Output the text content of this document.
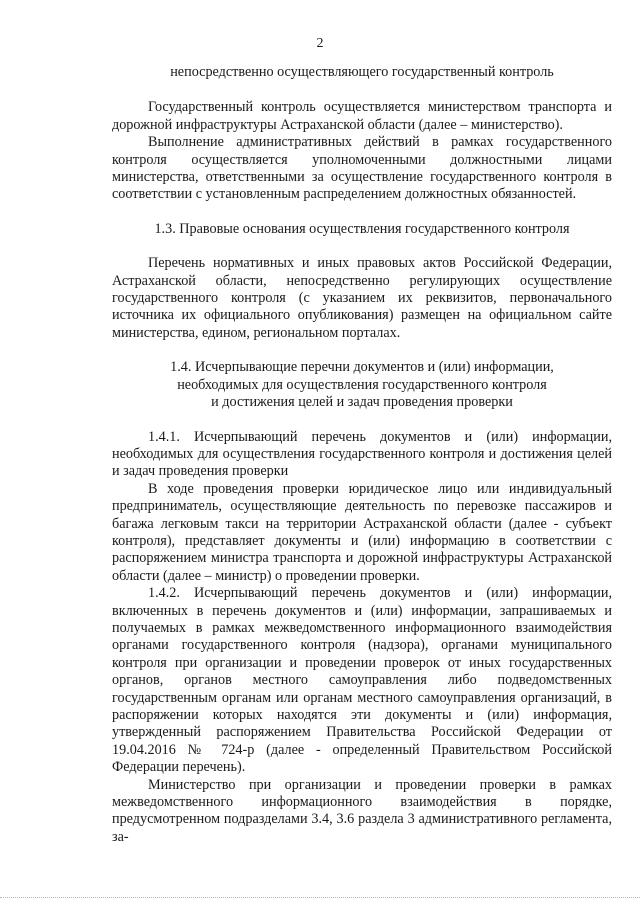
2

непосредственно осуществляющего государственный контроль

Государственный контроль осуществляется министерством транспорта и дорожной инфраструктуры Астраханской области (далее – министерство).

Выполнение административных действий в рамках государственного контроля осуществляется уполномоченными должностными лицами министерства, ответственными за осуществление государственного контроля в соответствии с установленным распределением должностных обязанностей.

1.3. Правовые основания осуществления государственного контроля

Перечень нормативных и иных правовых актов Российской Федерации, Астраханской области, непосредственно регулирующих осуществление государственного контроля (с указанием их реквизитов, первоначального источника их официального опубликования) размещен на официальном сайте министерства, едином, региональном порталах.

1.4. Исчерпывающие перечни документов и (или) информации,

необходимых для осуществления государственного контроля

и достижения целей и задач проведения проверки

1.4.1. Исчерпывающий перечень документов и (или) информации, необходимых для осуществления государственного контроля и достижения целей и задач проведения проверки

В ходе проведения проверки юридическое лицо или индивидуальный предприниматель, осуществляющие деятельность по перевозке пассажиров и багажа легковым такси на территории Астраханской области (далее - субъект контроля), представляет документы и (или) информацию в соответствии с распоряжением министра транспорта и дорожной инфраструктуры Астраханской области (далее – министр) о проведении проверки.

1.4.2. Исчерпывающий перечень документов и (или) информации, включенных в перечень документов и (или) информации, запрашиваемых и получаемых в рамках межведомственного информационного взаимодействия органами государственного контроля (надзора), органами муниципального контроля при организации и проведении проверок от иных государственных органов, органов местного самоуправления либо подведомственных государственным органам или органам местного самоуправления организаций, в распоряжении которых находятся эти документы и (или) информация, утвержденный распоряжением Правительства Российской Федерации от 19.04.2016 № 724-р (далее - определенный Правительством Российской Федерации перечень).

Министерство при организации и проведении проверки в рамках межведомственного информационного взаимодействия в порядке, предусмотренном подразделами 3.4, 3.6 раздела 3 административного регламента, за-
